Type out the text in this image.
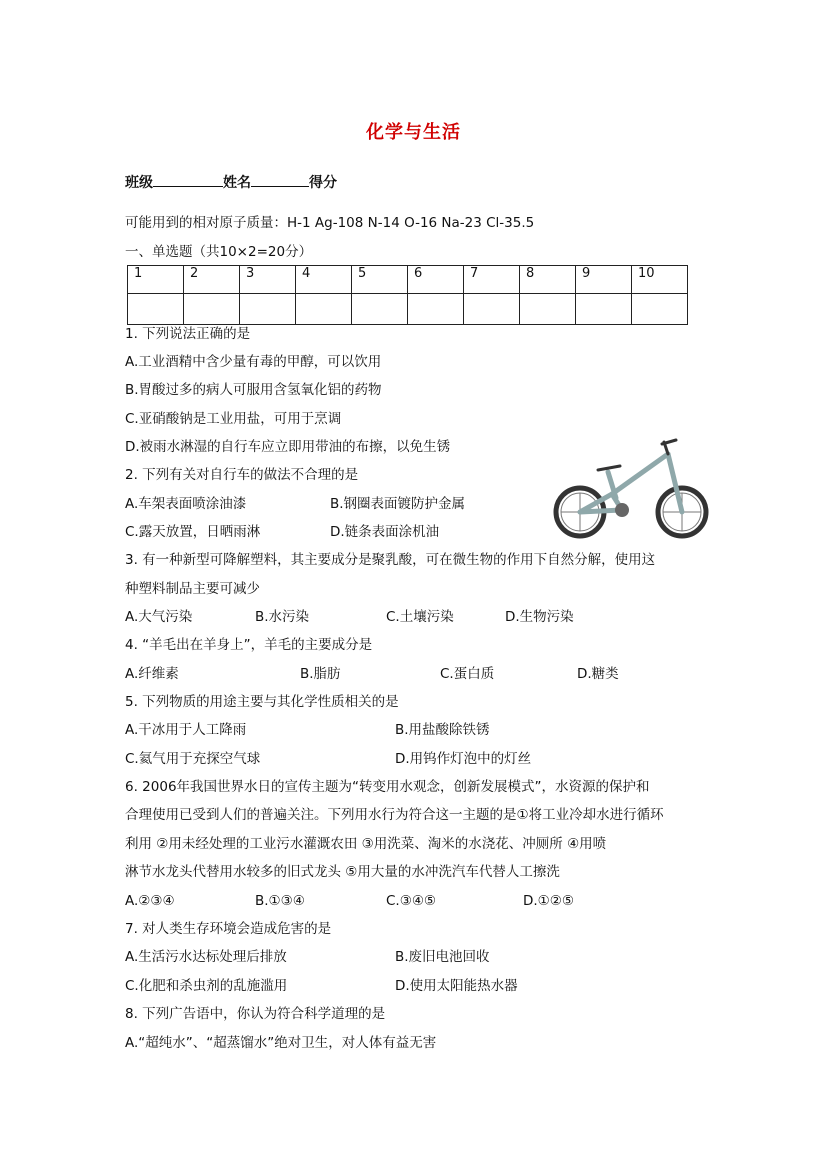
化学与生活
班级	姓名	得分
可能用到的相对原子质量：H-1 Ag-108 N-14 O-16 Na-23 Cl-35.5
一、单选题（共10×2=20分）
1	2	3	4	5	6	7	8	9	10

1. 下列说法正确的是
A.工业酒精中含少量有毒的甲醇，可以饮用
B.胃酸过多的病人可服用含氢氧化铝的药物
C.亚硝酸钠是工业用盐，可用于烹调
D.被雨水淋湿的自行车应立即用带油的布擦，以免生锈
2. 下列有关对自行车的做法不合理的是
A.车架表面喷涂油漆	B.钢圈表面镀防护金属
C.露天放置，日晒雨淋	D.链条表面涂机油
3. 有一种新型可降解塑料，其主要成分是聚乳酸，可在微生物的作用下自然分解，使用这
种塑料制品主要可减少
A.大气污染	B.水污染	C.土壤污染	D.生物污染
4. “羊毛出在羊身上”，羊毛的主要成分是
A.纤维素	B.脂肪	C.蛋白质	D.糖类
5. 下列物质的用途主要与其化学性质相关的是
A.干冰用于人工降雨	B.用盐酸除铁锈
C.氦气用于充探空气球	D.用钨作灯泡中的灯丝
6. 2006年我国世界水日的宣传主题为“转变用水观念，创新发展模式”，水资源的保护和
合理使用已受到人们的普遍关注。下列用水行为符合这一主题的是①将工业冷却水进行循环
利用 ②用未经处理的工业污水灌溉农田 ③用洗菜、淘米的水浇花、冲厕所 ④用喷
淋节水龙头代替用水较多的旧式龙头 ⑤用大量的水冲洗汽车代替人工擦洗
A.②③④	B.①③④	C.③④⑤	D.①②⑤
7. 对人类生存环境会造成危害的是
A.生活污水达标处理后排放	B.废旧电池回收
C.化肥和杀虫剂的乱施滥用	D.使用太阳能热水器
8. 下列广告语中，你认为符合科学道理的是
A.“超纯水”、“超蒸馏水”绝对卫生，对人体有益无害
